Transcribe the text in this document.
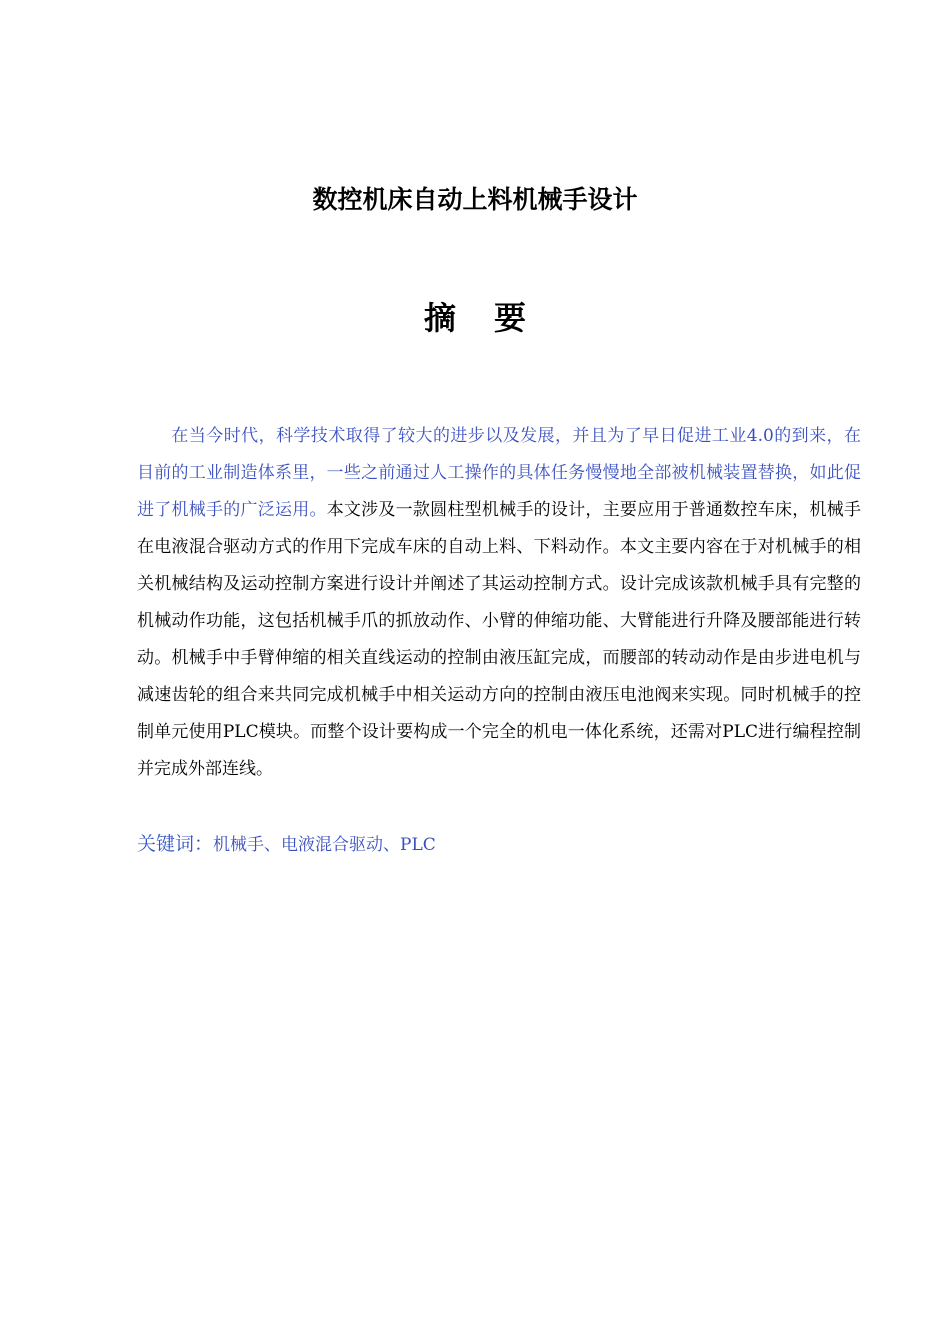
数控机床自动上料机械手设计
摘要

在当今时代，科学技术取得了较大的进步以及发展，并且为了早日促进工业4.0的到来，在目前的工业制造体系里，一些之前通过人工操作的具体任务慢慢地全部被机械装置替换，如此促进了机械手的广泛运用。本文涉及一款圆柱型机械手的设计，主要应用于普通数控车床，机械手在电液混合驱动方式的作用下完成车床的自动上料、下料动作。本文主要内容在于对机械手的相关机械结构及运动控制方案进行设计并阐述了其运动控制方式。设计完成该款机械手具有完整的机械动作功能，这包括机械手爪的抓放动作、小臂的伸缩功能、大臂能进行升降及腰部能进行转动。机械手中手臂伸缩的相关直线运动的控制由液压缸完成，而腰部的转动动作是由步进电机与减速齿轮的组合来共同完成机械手中相关运动方向的控制由液压电池阀来实现。同时机械手的控制单元使用PLC模块。而整个设计要构成一个完全的机电一体化系统，还需对PLC进行编程控制并完成外部连线。

关键词：机械手、电液混合驱动、PLC
